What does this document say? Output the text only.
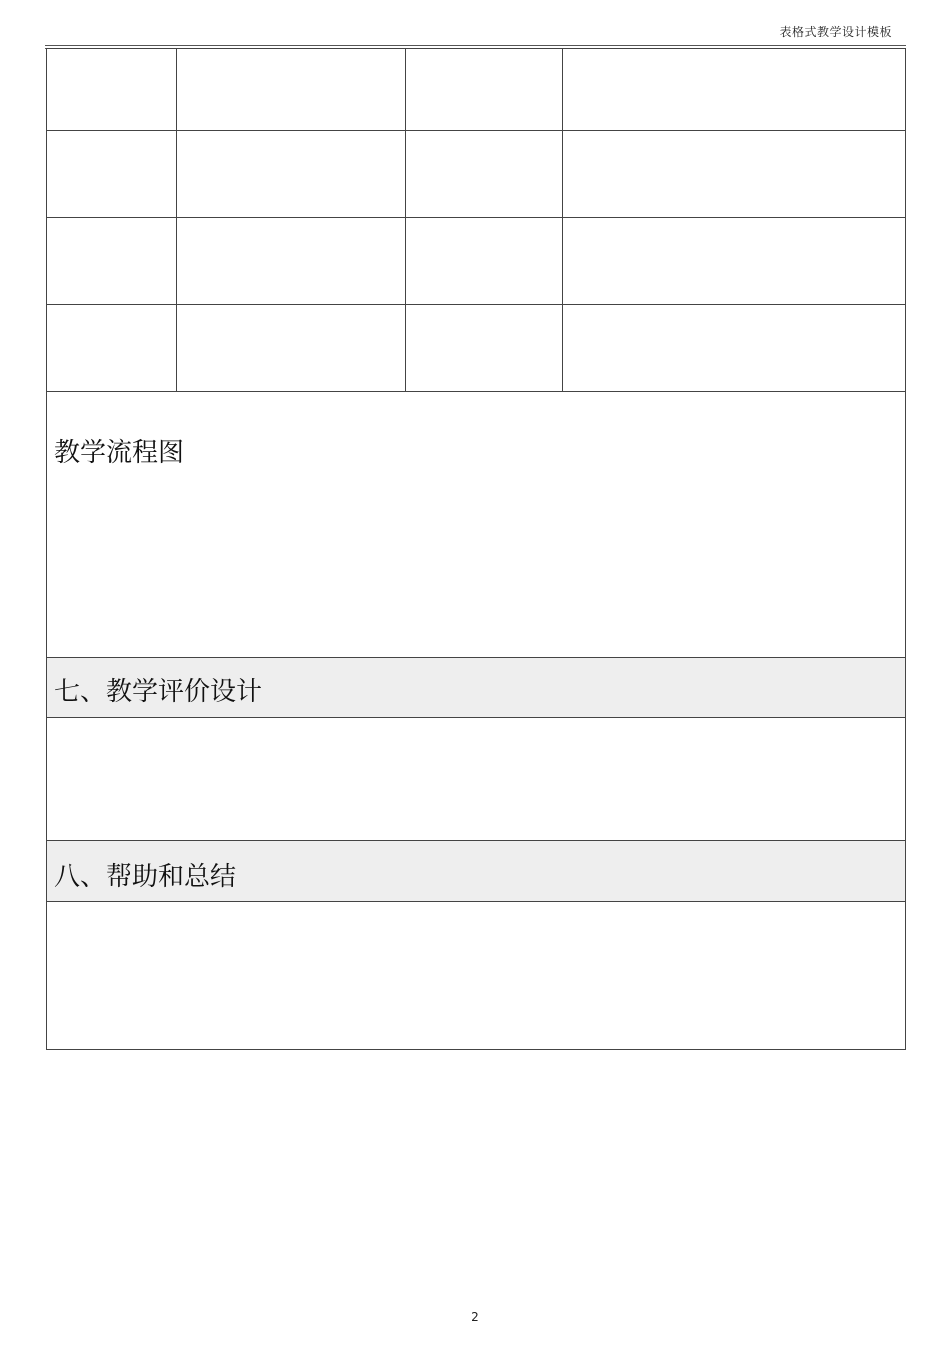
表格式教学设计模板
教学流程图
七、教学评价设计
八、帮助和总结
2
